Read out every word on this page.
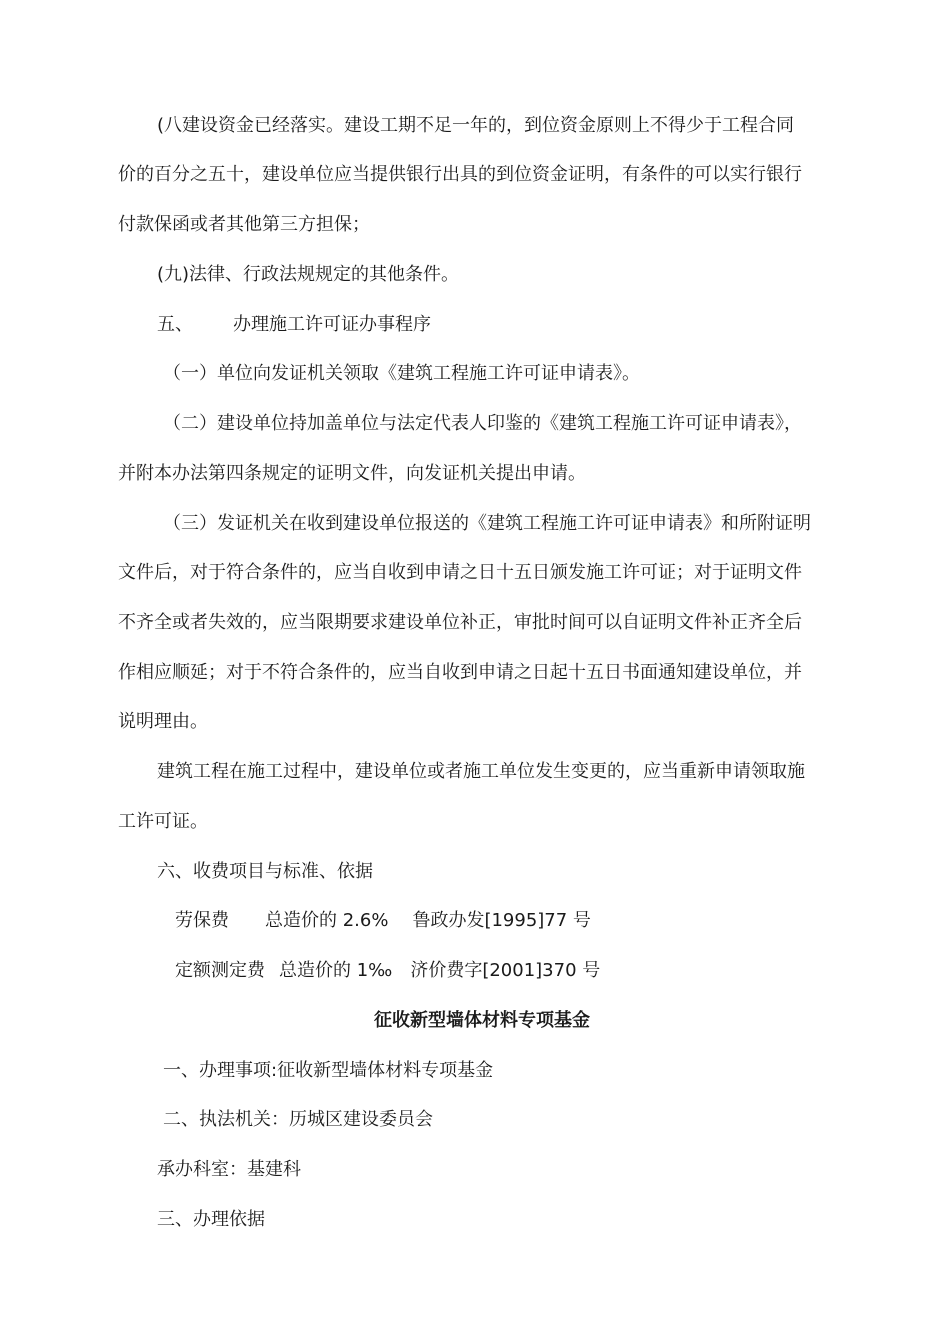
(八建设资金已经落实。建设工期不足一年的，到位资金原则上不得少于工程合同

价的百分之五十，建设单位应当提供银行出具的到位资金证明，有条件的可以实行银行

付款保函或者其他第三方担保；

(九)法律、行政法规规定的其他条件。

五、 办理施工许可证办事程序

（一）单位向发证机关领取《建筑工程施工许可证申请表》。

（二）建设单位持加盖单位与法定代表人印鉴的《建筑工程施工许可证申请表》，

并附本办法第四条规定的证明文件，向发证机关提出申请。

（三）发证机关在收到建设单位报送的《建筑工程施工许可证申请表》和所附证明

文件后，对于符合条件的，应当自收到申请之日十五日颁发施工许可证；对于证明文件

不齐全或者失效的，应当限期要求建设单位补正，审批时间可以自证明文件补正齐全后

作相应顺延；对于不符合条件的，应当自收到申请之日起十五日书面通知建设单位，并

说明理由。

建筑工程在施工过程中，建设单位或者施工单位发生变更的，应当重新申请领取施

工许可证。

六、收费项目与标准、依据

劳保费 总造价的 2.6% 鲁政办发[1995]77 号

定额测定费 总造价的 1‰ 济价费字[2001]370 号

征收新型墙体材料专项基金

一、办理事项:征收新型墙体材料专项基金

二、执法机关：历城区建设委员会

承办科室：基建科

三、办理依据
